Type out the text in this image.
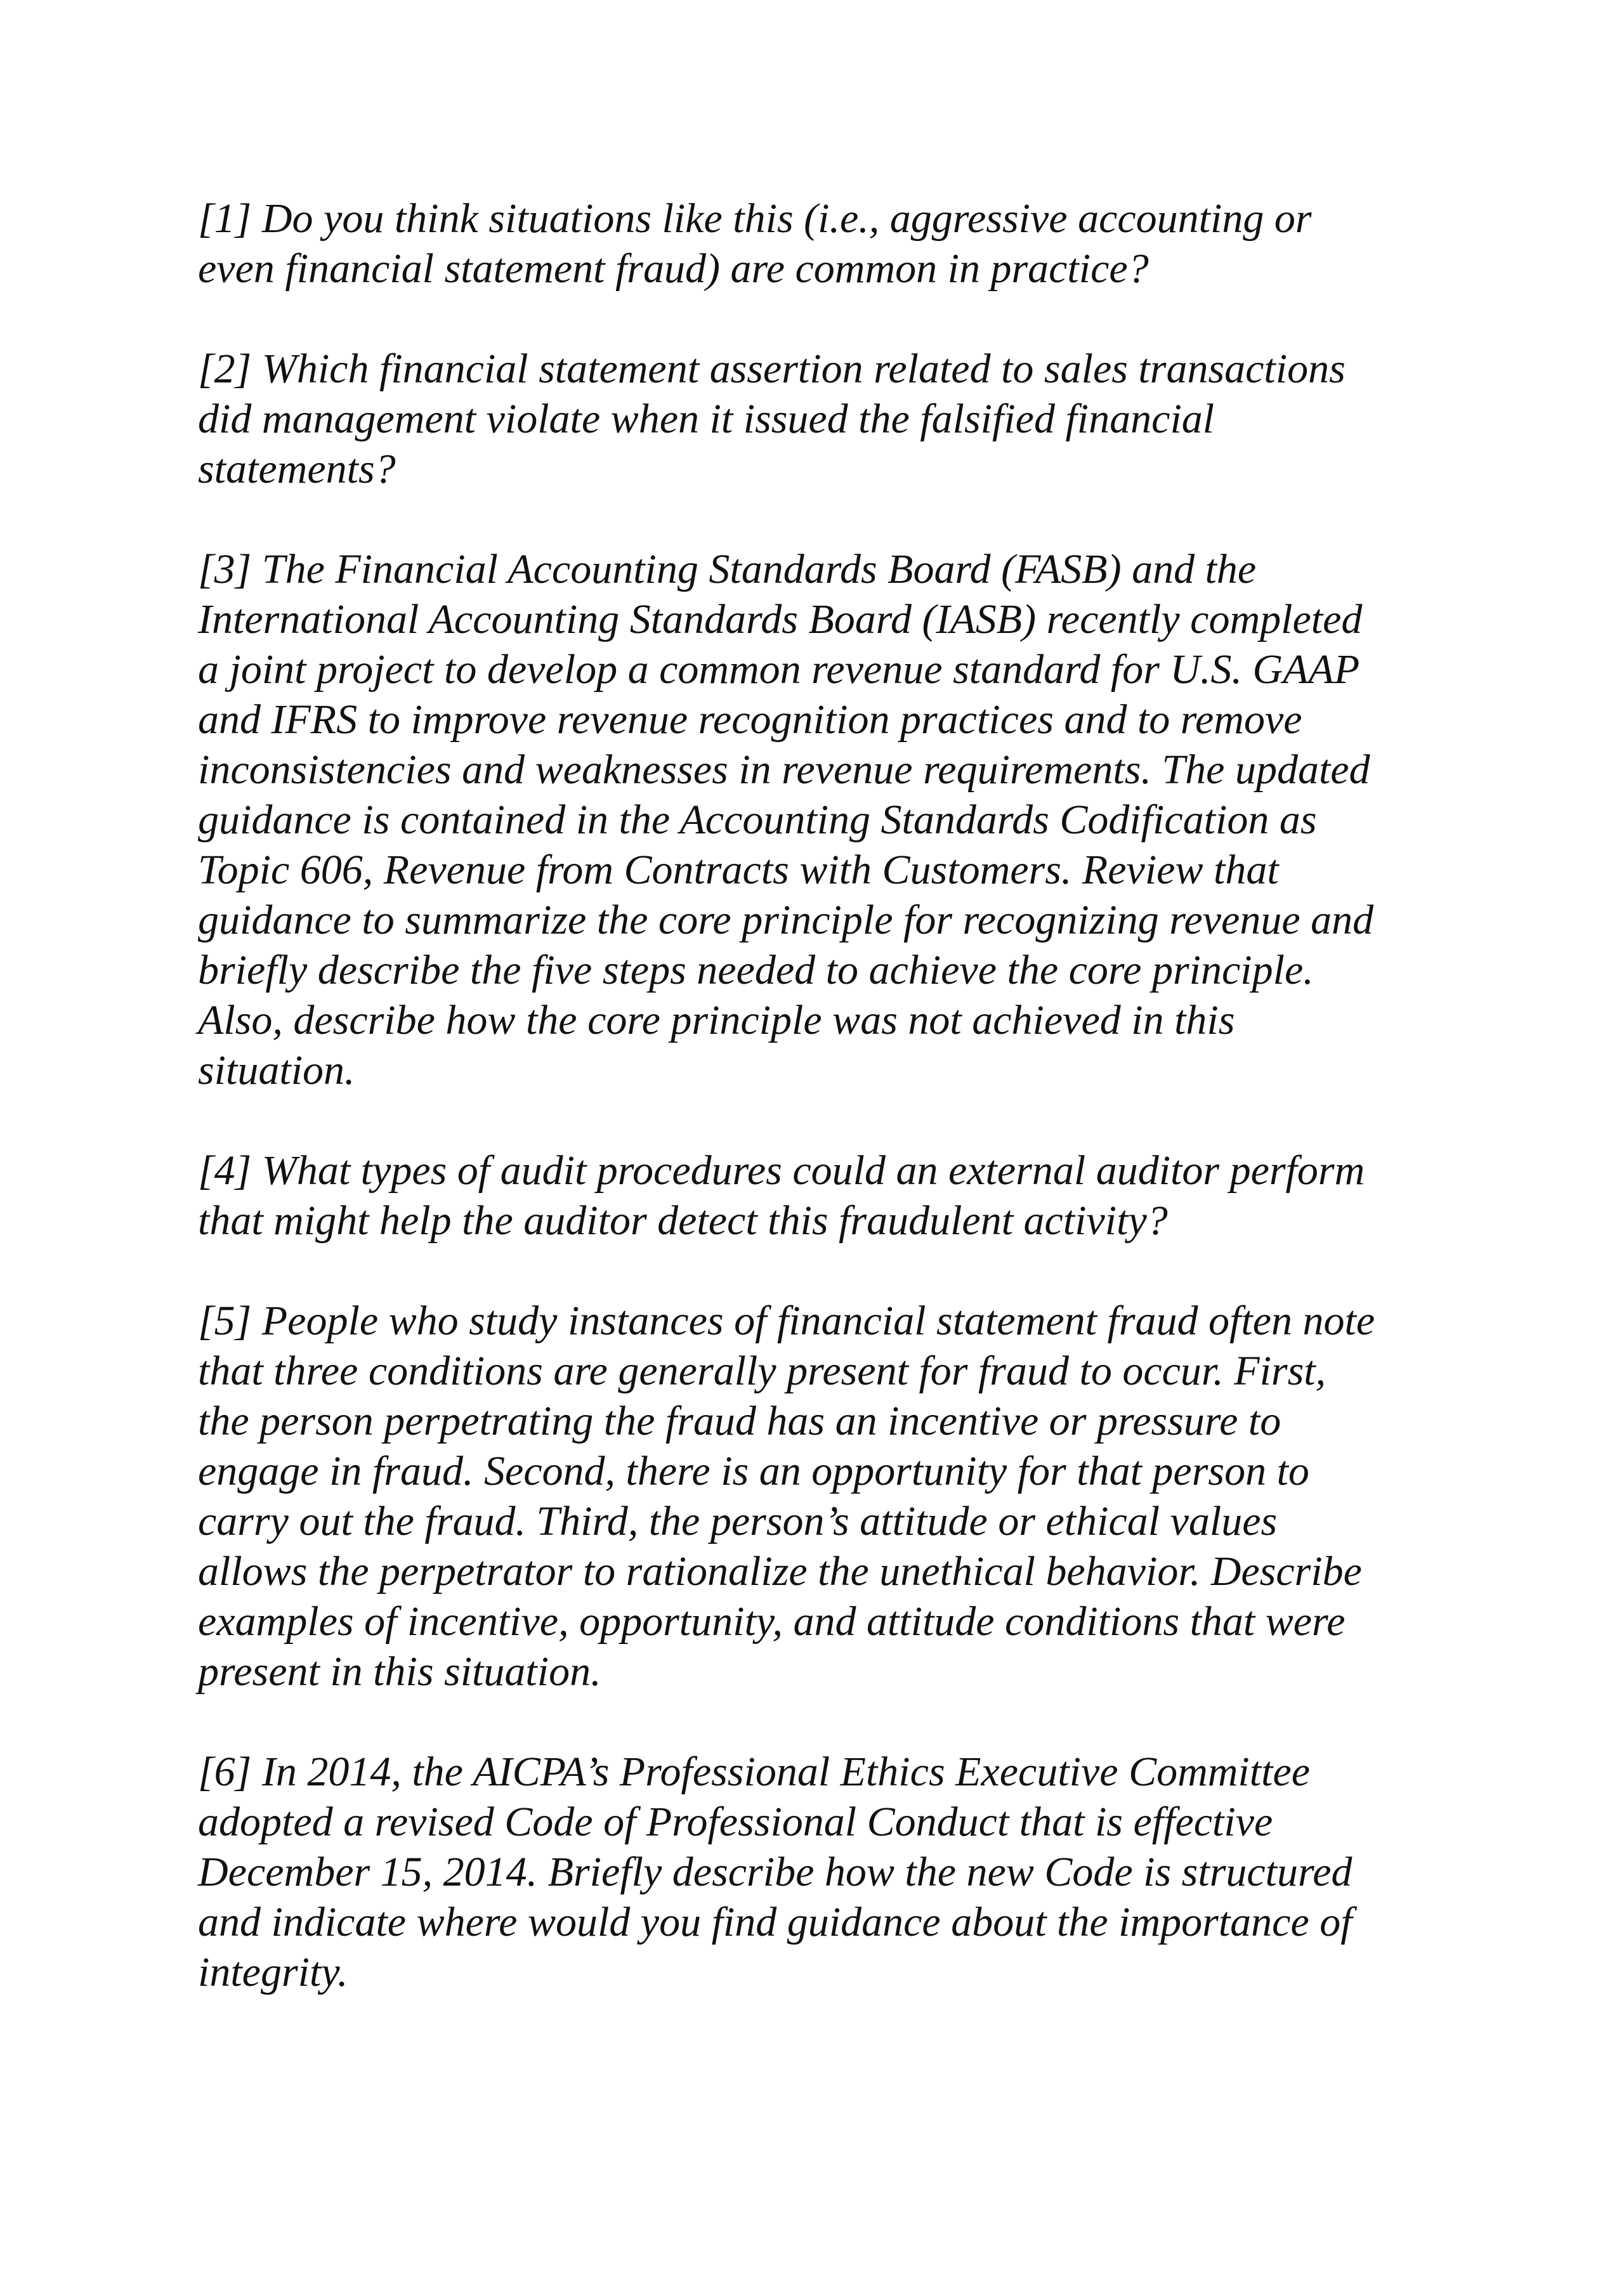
[1] Do you think situations like this (i.e., aggressive accounting or
even financial statement fraud) are common in practice?

[2] Which financial statement assertion related to sales transactions
did management violate when it issued the falsified financial
statements?

[3] The Financial Accounting Standards Board (FASB) and the
International Accounting Standards Board (IASB) recently completed
a joint project to develop a common revenue standard for U.S. GAAP
and IFRS to improve revenue recognition practices and to remove
inconsistencies and weaknesses in revenue requirements. The updated
guidance is contained in the Accounting Standards Codification as
Topic 606, Revenue from Contracts with Customers. Review that
guidance to summarize the core principle for recognizing revenue and
briefly describe the five steps needed to achieve the core principle.
Also, describe how the core principle was not achieved in this
situation.

[4] What types of audit procedures could an external auditor perform
that might help the auditor detect this fraudulent activity?

[5] People who study instances of financial statement fraud often note
that three conditions are generally present for fraud to occur. First,
the person perpetrating the fraud has an incentive or pressure to
engage in fraud. Second, there is an opportunity for that person to
carry out the fraud. Third, the person’s attitude or ethical values
allows the perpetrator to rationalize the unethical behavior. Describe
examples of incentive, opportunity, and attitude conditions that were
present in this situation.

[6] In 2014, the AICPA’s Professional Ethics Executive Committee
adopted a revised Code of Professional Conduct that is effective
December 15, 2014. Briefly describe how the new Code is structured
and indicate where would you find guidance about the importance of
integrity.
